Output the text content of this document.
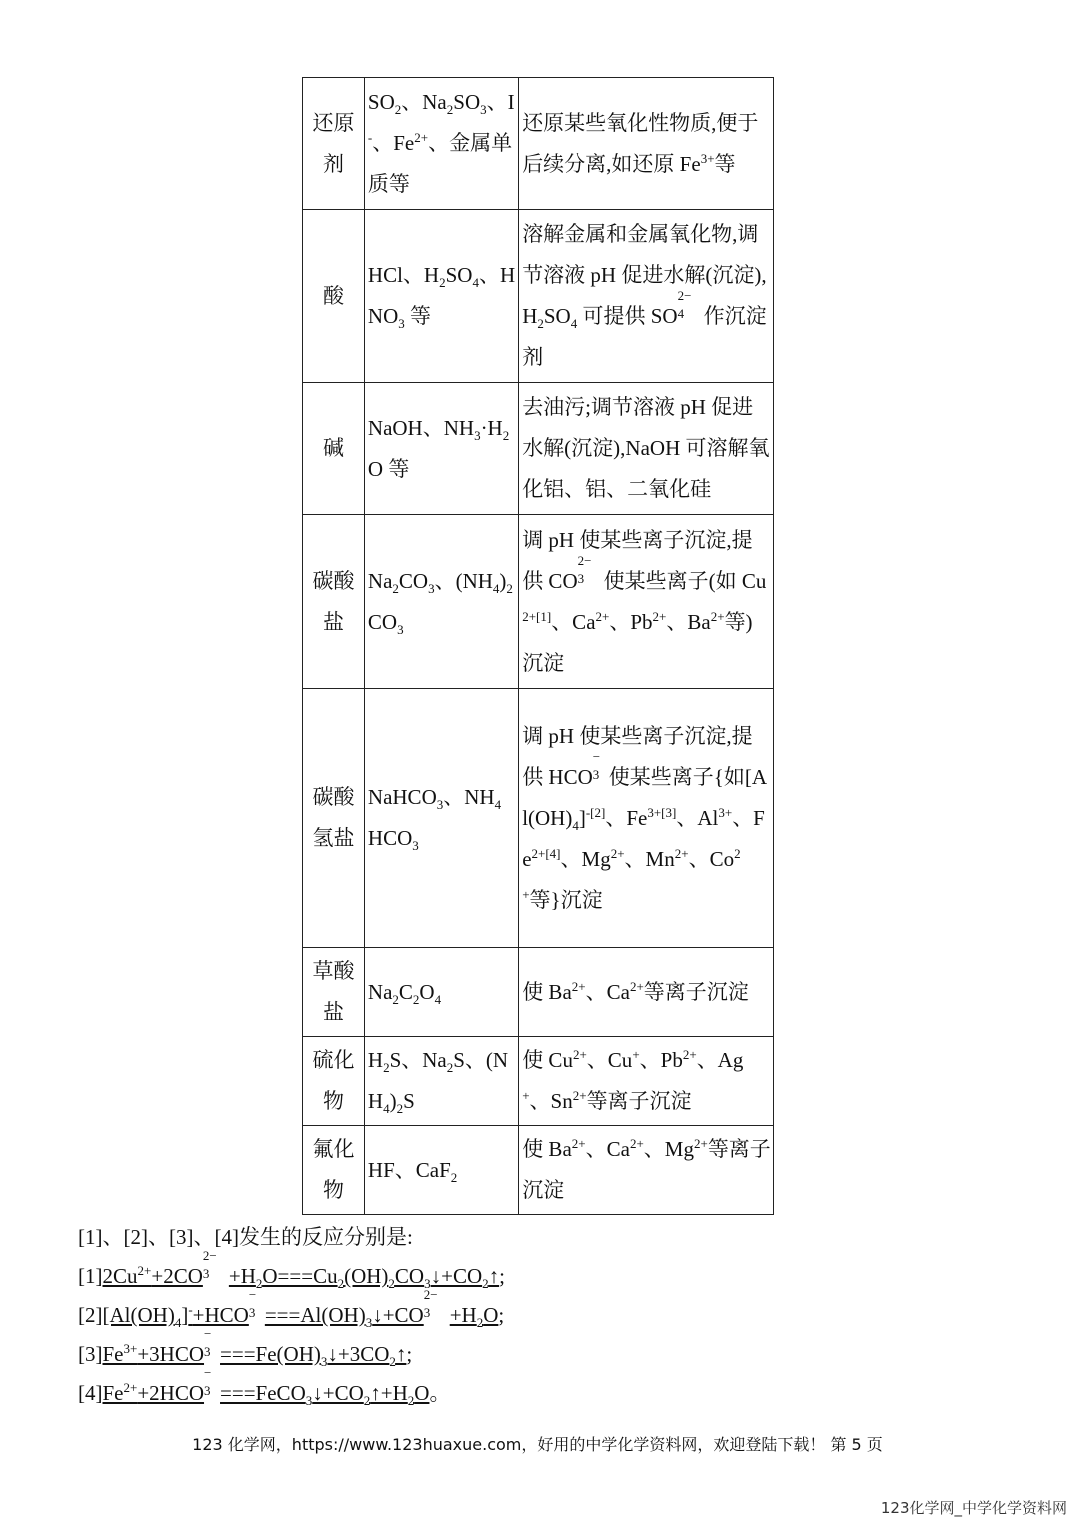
还原
剂	$SO_2$、$Na_2SO_3$、I-、$Fe^{2+}$、金属单质等	还原某些氧化性物质,便于后续分离,如还原 $Fe^{3+}$等
酸	HCl、$H_2SO_4$、$HNO_3$ 等	溶解金属和金属氧化物,调节溶液 pH 促进水解(沉淀)$,H_2SO_4$ 可提供 SO
2−
4 作沉淀剂
碱	NaOH、$NH_3\cdot H_2O$ 等	去油污;调节溶液 pH 促进水解(沉淀),NaOH 可溶解氧化铝、铝、二氧化硅
碳酸
盐	$Na_2CO_3$、$(NH_4)_2CO_3$	调 pH 使某些离子沉淀,提供 CO
2−
3 使某些离子(如 $Cu^{2+[1]}$、$Ca^{2+}$、$Pb^{2+}$、$Ba^{2+}$等)沉淀
碳酸
氢盐	NaHCO$_3$、$NH_4HCO_3$	调 pH 使某些离子沉淀,提供 HCO
−
3 使某些离子{如$[Al(OH)_4]^{-[2]}$、$Fe^{3+[3]}$、$Al^{3+}$、$Fe^{2+[4]}$、$Mg^{2+}$、$Mn^{2+}$、$Co^{2+}$等}沉淀
草酸
盐	$Na_2C_2O_4$	使 $Ba^{2+}$、$Ca^{2+}$等离子沉淀
硫化
物	$H_2S$、$Na_2S$、$(NH_4)_2S$	使 $Cu^{2+}$、Cu+、$Pb^{2+}$、Ag+、$Sn^{2+}$等离子沉淀
氟化
物	HF、CaF$_2$	使 $Ba^{2+}$、$Ca^{2+}$、$Mg^{2+}$等离子沉淀
[1]、[2]、[3]、[4]发生的反应分别是:
$[1]2Cu^{2+}+2CO$
2−
$3 +H_2O===Cu_2(OH)_2CO_3↓+CO_2↑$;
$[2][Al(OH)_4]^-+HCO$
−
$3 ===Al(OH)_3↓+CO$
2−
$3 +H_2O$;
$[3]Fe^{3+}+3HCO$
−
$3 ===Fe(OH)_3↓+3CO_2↑$;
$[4]Fe^{2+}+2HCO$
−
$3 ===FeCO_3↓+CO_2↑+H_2O$。
123 化学网，https://www.123huaxue.com，好用的中学化学资料网，欢迎登陆下载！ 第 5 页
123化学网_中学化学资料网
